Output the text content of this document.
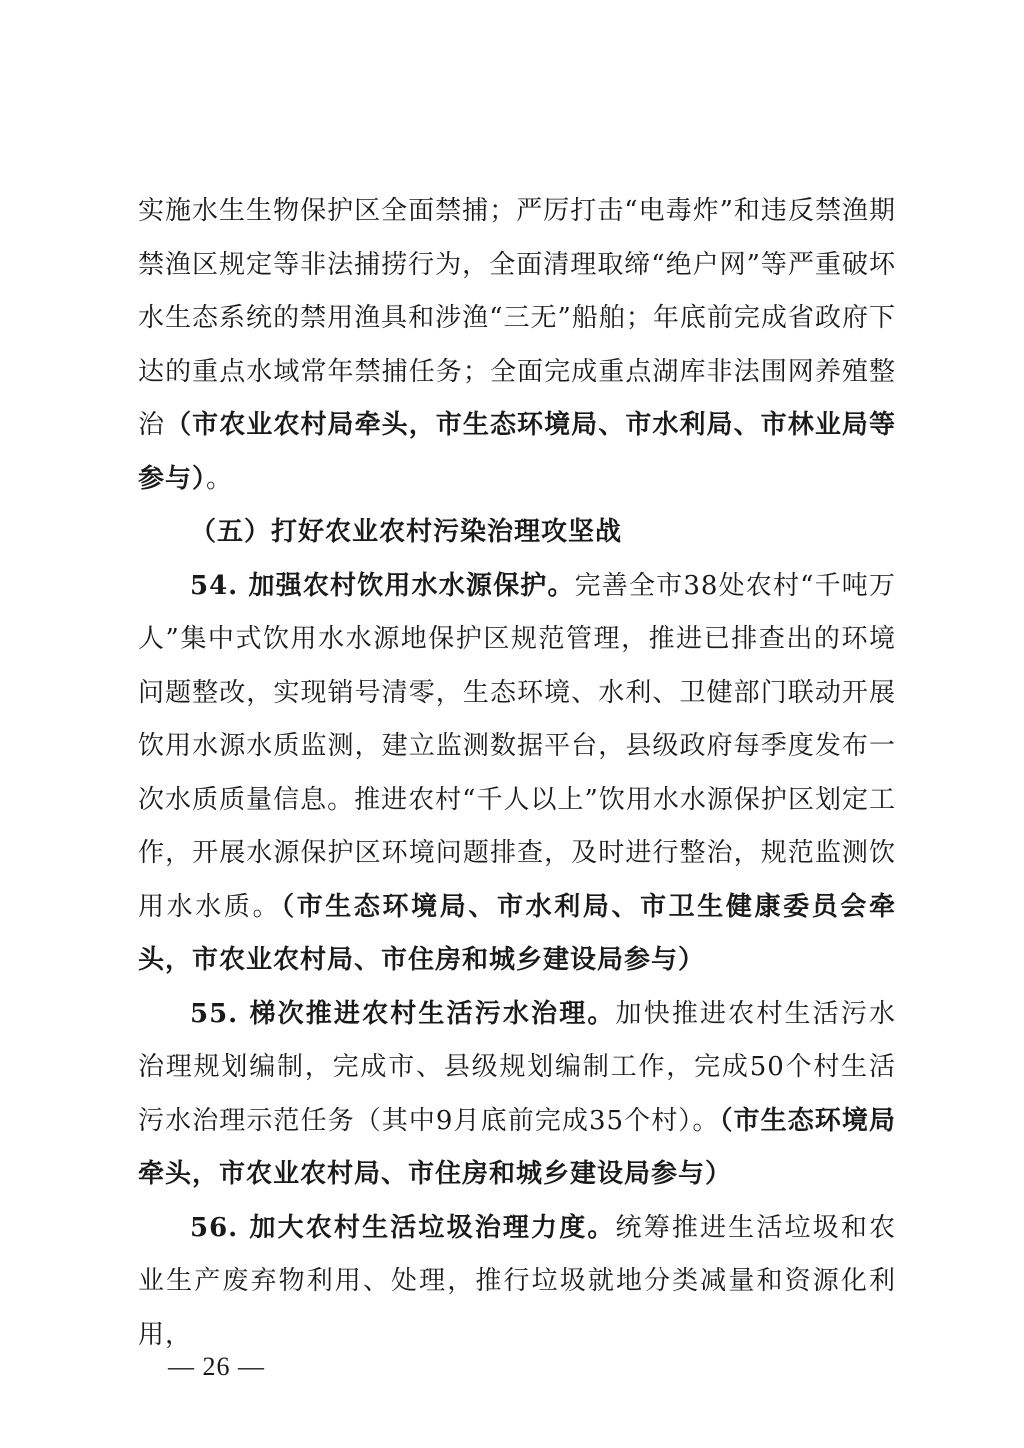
实施水生生物保护区全面禁捕；严厉打击“电毒炸”和违反禁渔期禁渔区规定等非法捕捞行为，全面清理取缔“绝户网”等严重破坏水生态系统的禁用渔具和涉渔“三无”船舶；年底前完成省政府下达的重点水域常年禁捕任务；全面完成重点湖库非法围网养殖整治（市农业农村局牵头，市生态环境局、市水利局、市林业局等参与）。

（五）打好农业农村污染治理攻坚战

54. 加强农村饮用水水源保护。完善全市38处农村“千吨万人”集中式饮用水水源地保护区规范管理，推进已排查出的环境问题整改，实现销号清零，生态环境、水利、卫健部门联动开展饮用水源水质监测，建立监测数据平台，县级政府每季度发布一次水质质量信息。推进农村“千人以上”饮用水水源保护区划定工作，开展水源保护区环境问题排查，及时进行整治，规范监测饮用水水质。（市生态环境局、市水利局、市卫生健康委员会牵头，市农业农村局、市住房和城乡建设局参与）

55. 梯次推进农村生活污水治理。加快推进农村生活污水治理规划编制，完成市、县级规划编制工作，完成50个村生活污水治理示范任务（其中9月底前完成35个村）。（市生态环境局牵头，市农业农村局、市住房和城乡建设局参与）

56. 加大农村生活垃圾治理力度。统筹推进生活垃圾和农业生产废弃物利用、处理，推行垃圾就地分类减量和资源化利用，

— 26 —
